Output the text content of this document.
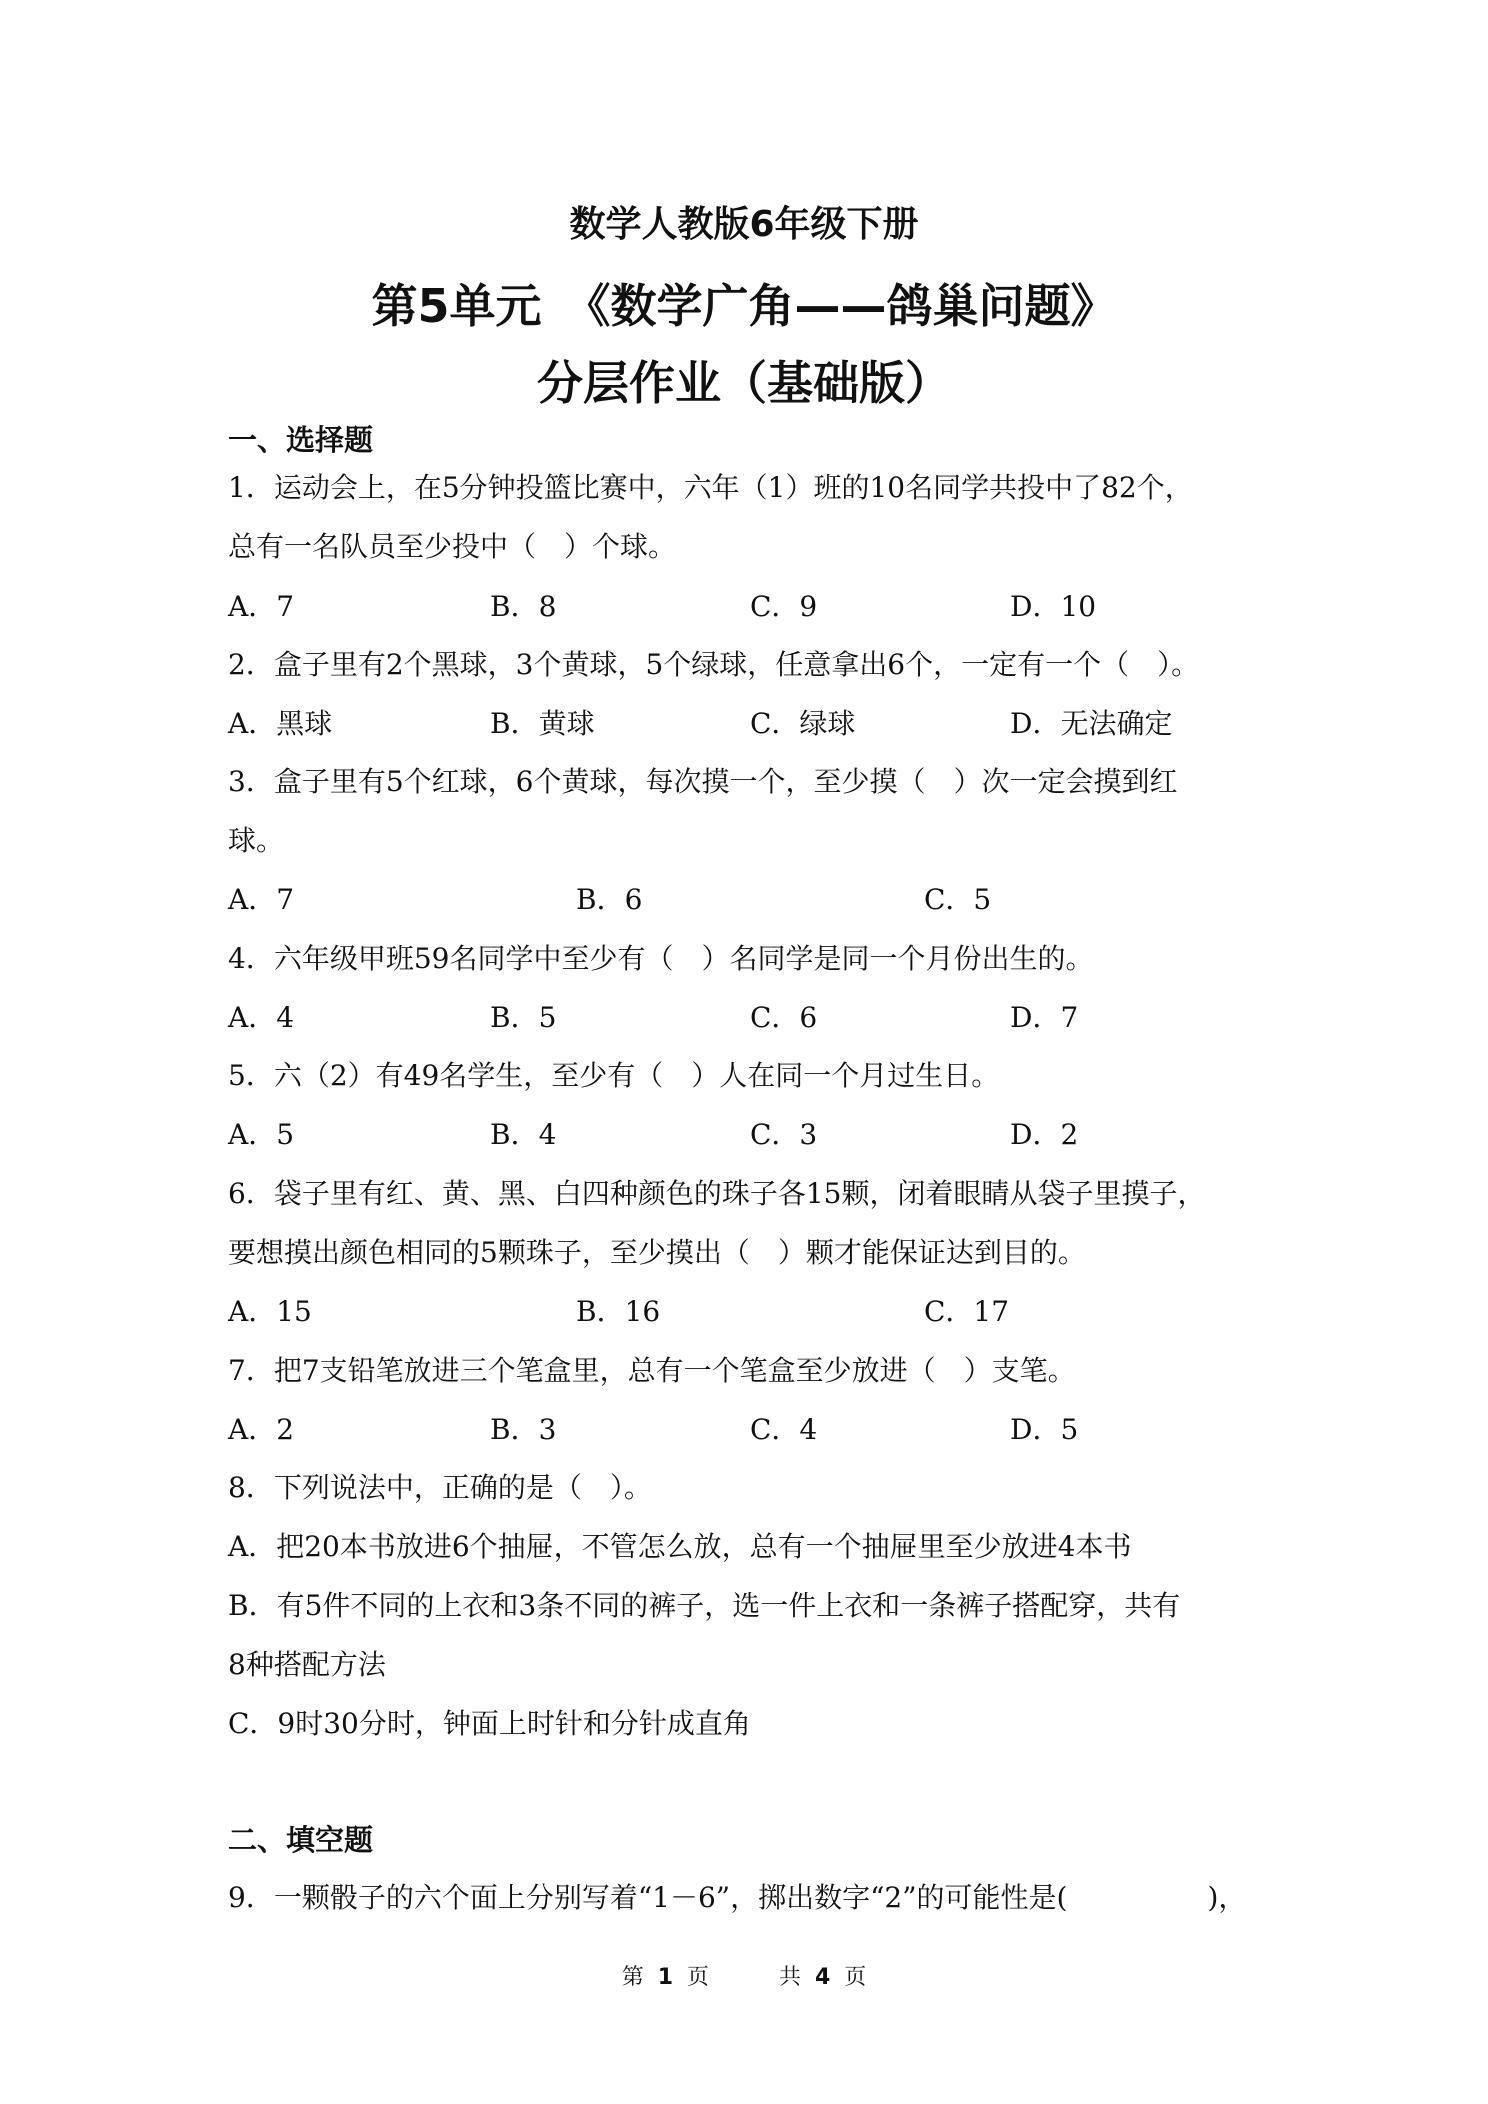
数学人教版6年级下册
第5单元　《数学广角——鸽巢问题》
分层作业（基础版）
一、选择题
1．运动会上，在5分钟投篮比赛中，六年（1）班的10名同学共投中了82个，
总有一名队员至少投中（　）个球。
A．7	B．8	C．9	D．10
2．盒子里有2个黑球，3个黄球，5个绿球，任意拿出6个，一定有一个（　）。
A．黑球	B．黄球	C．绿球	D．无法确定
3．盒子里有5个红球，6个黄球，每次摸一个，至少摸（　）次一定会摸到红
球。
A．7	B．6	C．5
4．六年级甲班59名同学中至少有（　）名同学是同一个月份出生的。
A．4	B．5	C．6	D．7
5．六（2）有49名学生，至少有（　）人在同一个月过生日。
A．5	B．4	C．3	D．2
6．袋子里有红、黄、黑、白四种颜色的珠子各15颗，闭着眼睛从袋子里摸子，
要想摸出颜色相同的5颗珠子，至少摸出（　）颗才能保证达到目的。
A．15	B．16	C．17
7．把7支铅笔放进三个笔盒里，总有一个笔盒至少放进（　）支笔。
A．2	B．3	C．4	D．5
8．下列说法中，正确的是（　）。
A．把20本书放进6个抽屉，不管怎么放，总有一个抽屉里至少放进4本书
B．有5件不同的上衣和3条不同的裤子，选一件上衣和一条裤子搭配穿，共有
8种搭配方法
C．9时30分时，钟面上时针和分针成直角
二、填空题
9．一颗骰子的六个面上分别写着“1－6”，掷出数字“2”的可能性是(　　　　　)，
第 1 页	共 4 页
